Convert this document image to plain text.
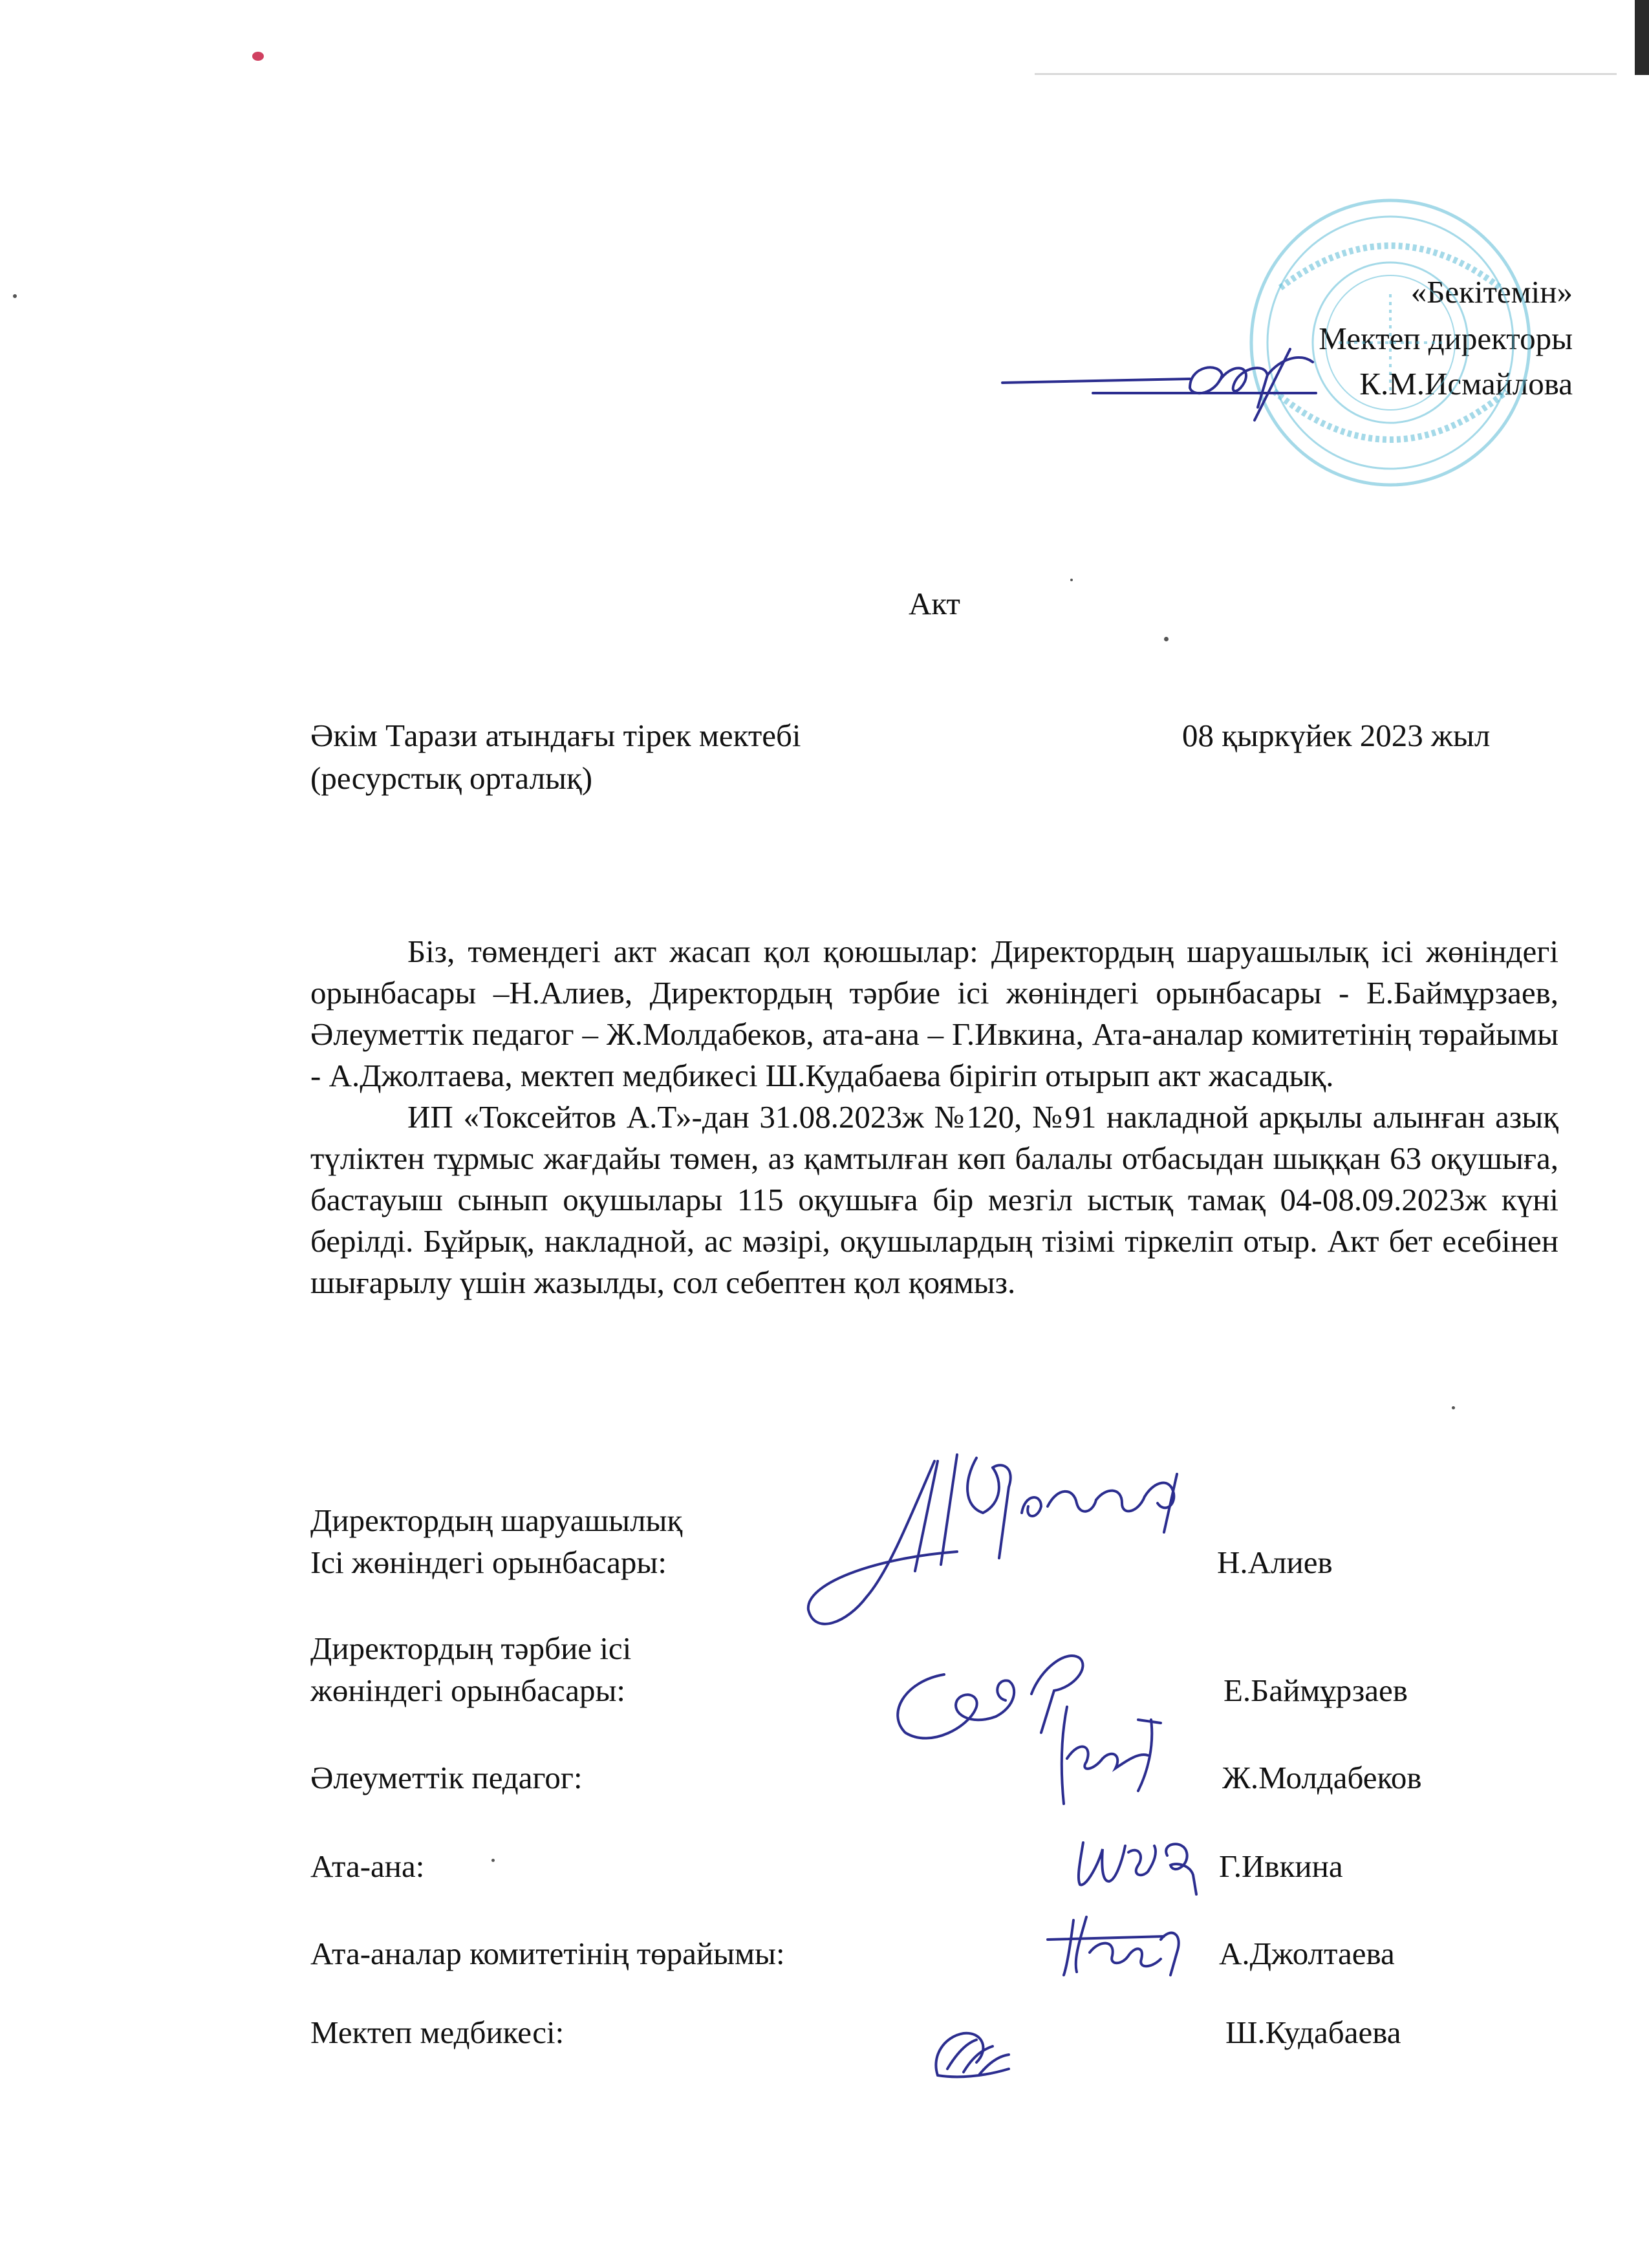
«Бекітемін»
Мектеп директоры
К.М.Исмайлова
Акт
Әкім Тарази атындағы тірек мектебі
(ресурстық орталық)
08 қыркүйек 2023 жыл

Біз, төмендегі акт жасап қол қоюшылар: Директордың шаруашылық ісі жөніндегі орынбасары –Н.Алиев, Директордың тәрбие ісі жөніндегі орынбасары - Е.Баймұрзаев, Әлеуметтік педагог – Ж.Молдабеков, ата-ана – Г.Ивкина, Ата-аналар комитетінің төрайымы - А.Джолтаева, мектеп медбикесі Ш.Кудабаева бірігіп отырып акт жасадық.

ИП «Токсейтов А.Т»-дан 31.08.2023ж №120, №91 накладной арқылы алынған азық түліктен тұрмыс жағдайы төмен, аз қамтылған көп балалы отбасыдан шыққан 63 оқушыға, бастауыш сынып оқушылары 115 оқушыға бір мезгіл ыстық тамақ 04-08.09.2023ж күні берілді. Бұйрық, накладной, ас мәзірі, оқушылардың тізімі тіркеліп отыр. Акт бет есебінен шығарылу үшін жазылды, сол себептен қол қоямыз.

Директордың шаруашылық
Ісі жөніндегі орынбасары:	Н.Алиев
Директордың тәрбие ісі
жөніндегі орынбасары:	Е.Баймұрзаев
Әлеуметтік педагог:	Ж.Молдабеков
Ата-ана:	Г.Ивкина
Ата-аналар комитетінің төрайымы:	А.Джолтаева
Мектеп медбикесі:	Ш.Кудабаева
